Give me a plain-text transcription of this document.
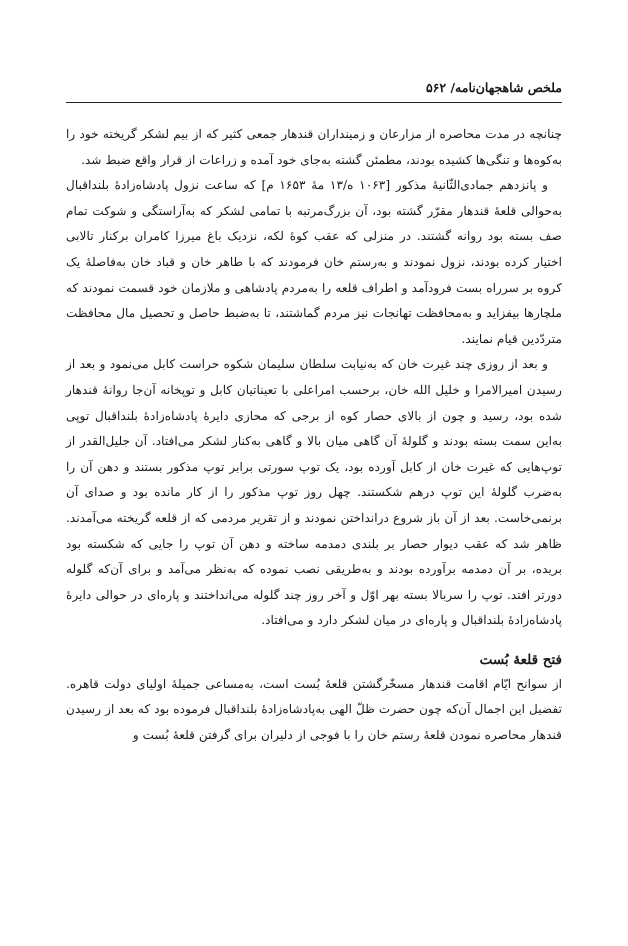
ملخص شاهجهان‌نامه/ ۵۶۲

چنانچه در مدت محاصره از مزارعان و زمینداران قندهار جمعی کثیر که از بیم لشکر گریخته خود را به‌کوه‌ها و تنگی‌ها کشیده بودند، مطمئن گشته به‌جای خود آمده و زراعات از قرار واقع ضبط شد.

و پانزدهم جمادی‌الثّانیهٔ مذکور [۱۰۶۳ ه/۱۳ مهٔ ۱۶۵۳ م] که ساعت نزول پادشاه‌زادهٔ بلنداقبال به‌حوالی قلعهٔ قندهار مقرّر گشته بود، آن بزرگ‌مرتبه با تمامی لشکر که به‌آراستگی و شوکت تمام صف بسته بود روانه گشتند. در منزلی که عقب کوهٔ لکه، نزدیک باغ میرزا کامران برکنار تالابی اختیار کرده بودند، نزول نمودند و به‌رستم خان فرمودند که با طاهر خان و قباد خان به‌فاصلهٔ یک کروه بر سرراه بست فرودآمد و اطراف قلعه را به‌مردم پادشاهی و ملازمان خود قسمت نمودند که ملچارها بیفزاید و به‌محافظت تهانجات نیز مردم گماشتند، تا به‌ضبط حاصل و تحصیل مال محافظت متردّدین قیام نمایند.

و بعد از روزی چند غیرت خان که به‌نیابت سلطان سلیمان شکوه حراست کابل می‌نمود و بعد از رسیدن امیرالامرا و خلیل الله خان، برحسب امراعلی با تعیناتیان کابل و توپخانه آن‌جا روانهٔ قندهار شده بود، رسید و چون از بالای حصار کوه از برجی که محازی دایرهٔ پادشاه‌زادهٔ بلنداقبال توپی به‌این سمت بسته بودند و گلولهٔ آن گاهی میان بالا و گاهی به‌کنار لشکر می‌افتاد. آن جلیل‌القدر از توپ‌هایی که غیرت خان از کابل آورده بود، یک توپ سورتی برابر توپ مذکور بستند و دهن آن را به‌ضرب گلولهٔ این توپ درهم شکستند. چهل روز توپ مذکور را از کار مانده بود و صدای آن برنمی‌خاست. بعد از آن باز شروع درانداختن نمودند و از تقریر مردمی که از قلعه گریخته می‌آمدند. ظاهر شد که عقب دیوار حصار بر بلندی دمدمه ساخته و دهن آن توپ را جایی که شکسته بود بریده، بر آن دمدمه برآورده بودند و به‌طریقی نصب نموده که به‌نظر می‌آمد و برای آن‌که گلوله دورتر افتد. توپ را سربالا بسته بهر اوّل و آخر روز چند گلوله می‌انداختند و پاره‌ای در حوالی دایرهٔ پادشاه‌زادهٔ بلنداقبال و پاره‌ای در میان لشکر دارد و می‌افتاد.

فتح قلعهٔ بُست

از سوانح ایّام اقامت قندهار مسخّرگشتن قلعهٔ بُست است، به‌مساعی جمیلهٔ اولیای دولت قاهره. تفضیل این اجمال آن‌که چون حضرت ظلّ الهی به‌پادشاه‌زادهٔ بلنداقبال فرموده بود که بعد از رسیدن قندهار محاصره نمودن قلعهٔ رستم خان را با فوجی از دلیران برای گرفتن قلعهٔ بُست و
